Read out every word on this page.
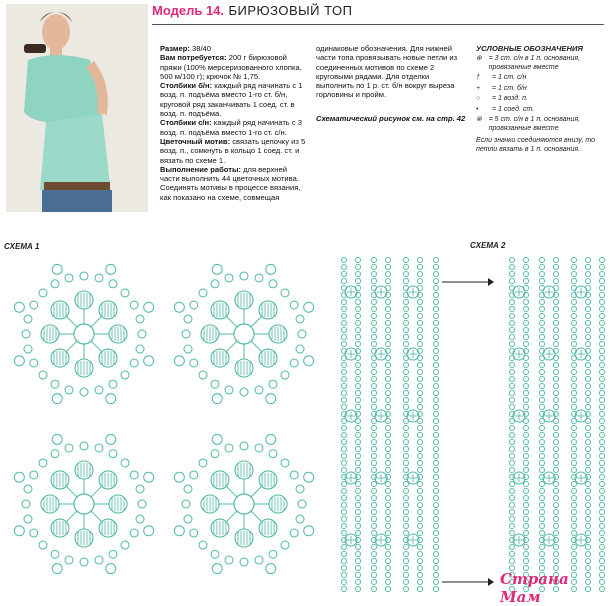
Модель 14. БИРЮЗОВЫЙ ТОП
Размер: 38/40
Вам потребуется: 200 г бирюзовой пряжи (100% мерсеризованного хлопка, 500 м/100 г); крючок № 1,75.
Столбики б/н: каждый ряд начинать с 1 возд. п. подъёма вместо 1-го ст. б/н, круговой ряд заканчивать 1 соед. ст. в возд. п. подъёма.
Столбики с/н: каждый ряд начинать с 3 возд. п. подъёма вместо 1-го ст. с/н.
Цветочный мотив: связать цепочку из 5 возд. п., сомкнуть в кольцо 1 соед. ст. и вязать по схеме 1.
Выполнение работы: для верхней части выполнить 44 цветочных мотива. Соединять мотивы в процессе вязания, как показано на схеме, совмещая
одинаковые обозначения. Для нижней части топа провязывать новые петли из соединенных мотивов по схеме 2 круговыми рядами. Для отделки выполнить по 1 р. ст. б/н вокруг выреза горловины и пройм.
Схематический рисунок см. на стр. 42
УСЛОВНЫЕ ОБОЗНАЧЕНИЯ
⊕ = 3 ст. с/н в 1 п. основания, провязанные вместе
†	= 1 ст. с/н
+	= 1 ст. б/н
○	= 1 возд. п.
•	= 1 соед. ст.
⊗ = 5 ст. с/н в 1 п. основания, провязанные вместе
Если значки соединяются внизу, то петли вязать в 1 п. основания.
СХЕМА 1	СХЕМА 2
Страна Мам
